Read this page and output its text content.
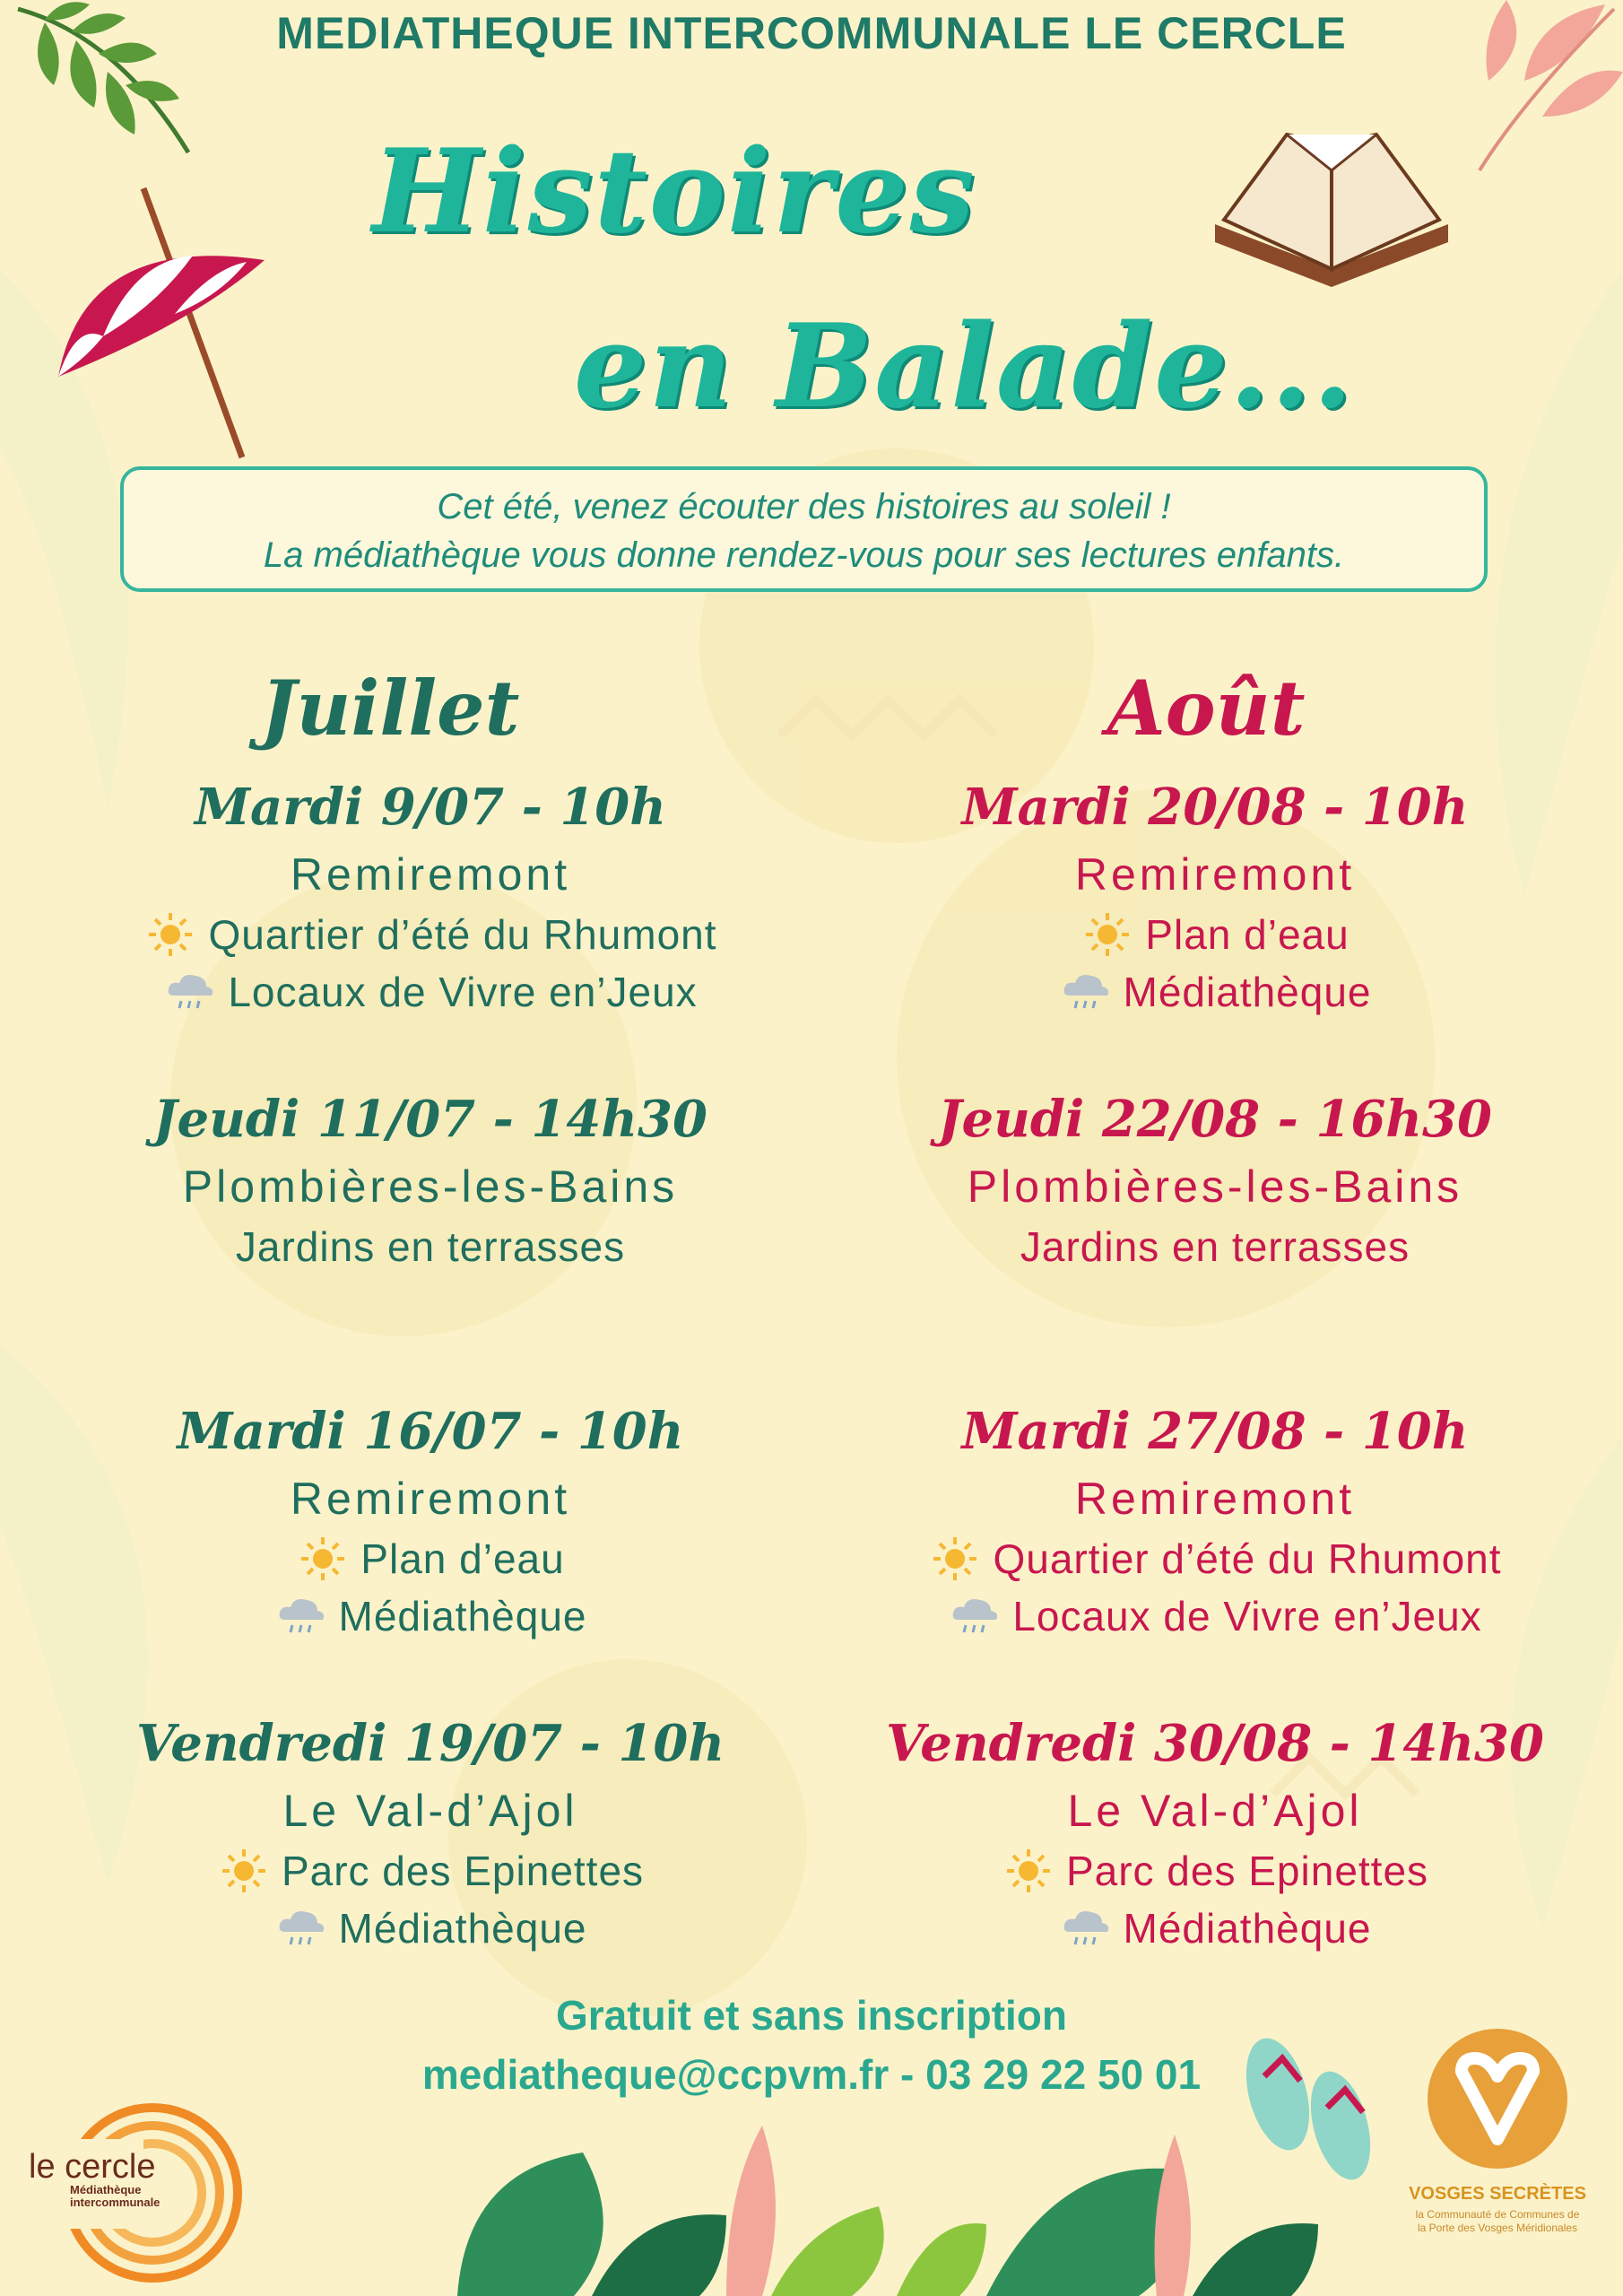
MEDIATHEQUE INTERCOMMUNALE LE CERCLE
Histoires
en Balade...
Cet été, venez écouter des histoires au soleil !
La médiathèque vous donne rendez-vous pour ses lectures enfants.
Juillet
Mardi 9/07 - 10h
Remiremont
Quartier d’été du Rhumont
Locaux de Vivre en’Jeux
Jeudi 11/07 - 14h30
Plombières-les-Bains
Jardins en terrasses
Mardi 16/07 - 10h
Remiremont
Plan d’eau
Médiathèque
Vendredi 19/07 - 10h
Le Val-d’Ajol
Parc des Epinettes
Médiathèque
Août
Mardi 20/08 - 10h
Remiremont
Plan d’eau
Médiathèque
Jeudi 22/08 - 16h30
Plombières-les-Bains
Jardins en terrasses
Mardi 27/08 - 10h
Remiremont
Quartier d’été du Rhumont
Locaux de Vivre en’Jeux
Vendredi 30/08 - 14h30
Le Val-d’Ajol
Parc des Epinettes
Médiathèque
Gratuit et sans inscription
mediatheque@ccpvm.fr - 03 29 22 50 01
le cercle
Médiathèque
intercommunale	VOSGES SECRÈTES
la Communauté de Communes de
la Porte des Vosges Méridionales
